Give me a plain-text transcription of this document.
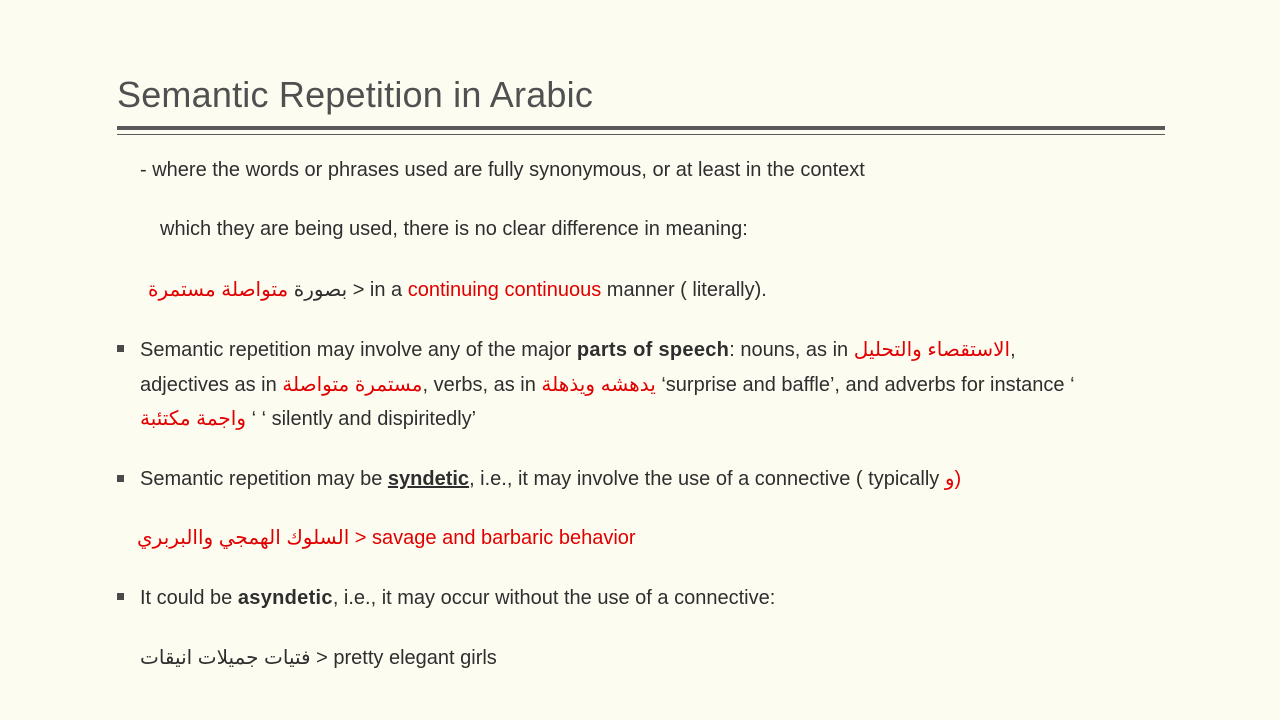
Semantic Repetition in Arabic
- where the words or phrases used are fully synonymous, or at least in the context
which they are being used, there is no clear difference in meaning:
بصورة متواصلة مستمرة	> in a continuing continuous manner ( literally).
Semantic repetition may involve any of the major parts of speech: nouns, as in الاستقصاء والتحليل,
adjectives as in مستمرة متواصلة, verbs, as in يدهشه ويذهلة ‘surprise and baffle’, and adverbs for instance ‘
واجمة مكتئبة ‘ ‘ silently and dispiritedly’
Semantic repetition may be syndetic, i.e., it may involve the use of a connective ( typically و)
السلوك الهمجي واالبربري > savage and barbaric behavior
It could be asyndetic, i.e., it may occur without the use of a connective:
فتيات جميلات انيقات > pretty elegant girls
